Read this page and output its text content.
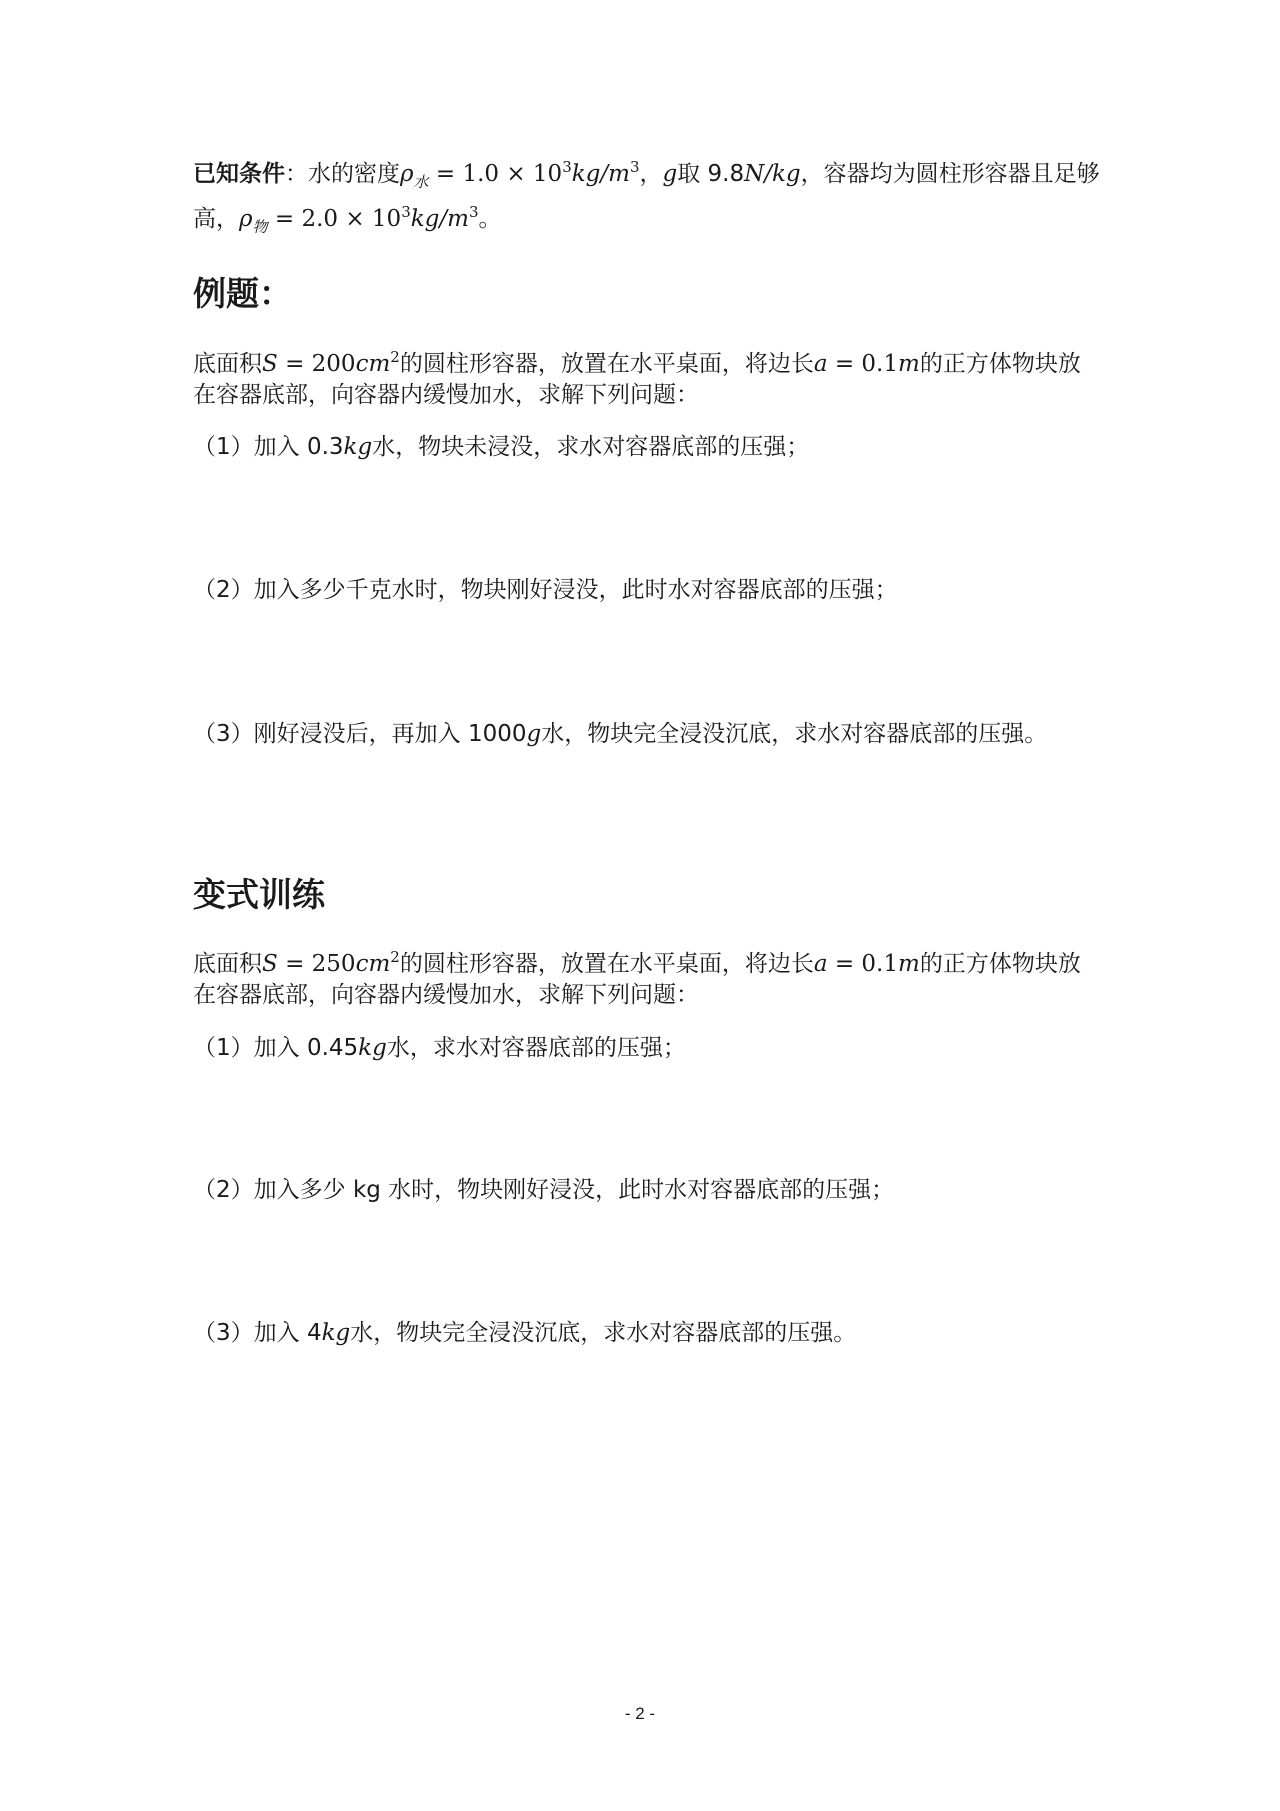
已知条件：水的密度$\rho_水 = 1.0 \times 10^3kg/m^3$，g取 9.8N/kg，容器均为圆柱形容器且足够
高，$\rho_物 = 2.0 \times 10^3kg/m^3$。
例题：
底面积$S = 200cm^2$的圆柱形容器，放置在水平桌面，将边长a = 0.1m的正方体物块放
在容器底部，向容器内缓慢加水，求解下列问题：
（1）加入 0.3kg水，物块未浸没，求水对容器底部的压强；
（2）加入多少千克水时，物块刚好浸没，此时水对容器底部的压强；
（3）刚好浸没后，再加入 1000g水，物块完全浸没沉底，求水对容器底部的压强。
变式训练
底面积$S = 250cm^2$的圆柱形容器，放置在水平桌面，将边长a = 0.1m的正方体物块放
在容器底部，向容器内缓慢加水，求解下列问题：
（1）加入 0.45kg水，求水对容器底部的压强；
（2）加入多少 kg 水时，物块刚好浸没，此时水对容器底部的压强；
（3）加入 4kg水，物块完全浸没沉底，求水对容器底部的压强。
- 2 -
